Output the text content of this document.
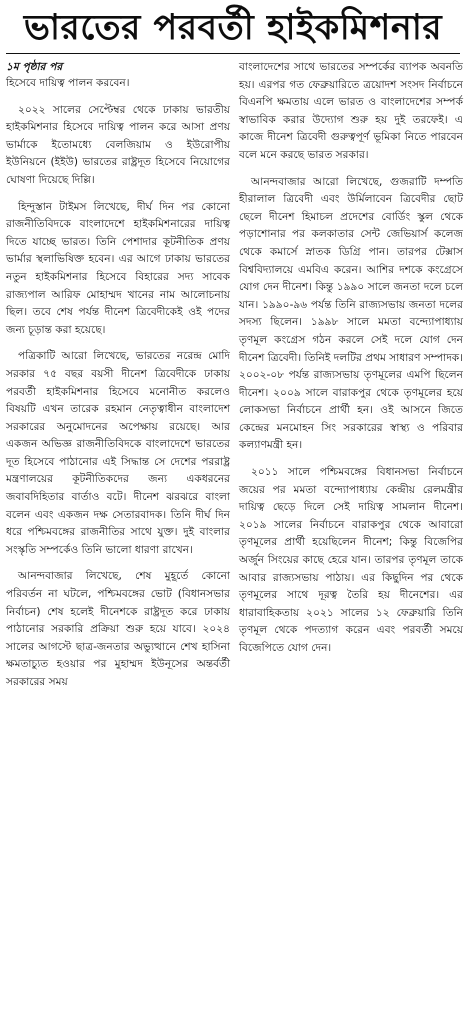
ভারতের পরবর্তী হাইকমিশনার
১ম পৃষ্ঠার পর

হিসেবে দায়িত্ব পালন করবেন।

২০২২ সালের সেপ্টেম্বর থেকে ঢাকায় ভারতীয় হাইকমিশনার হিসেবে দায়িত্ব পালন করে আসা প্রণয় ভার্মাকে ইতোমধ্যে বেলজিয়াম ও ইউরোপীয় ইউনিয়নে (ইইউ) ভারতের রাষ্ট্রদূত হিসেবে নিয়োগের ঘোষণা দিয়েছে দিল্লি।

হিন্দুস্তান টাইমস লিখেছে, দীর্ঘ দিন পর কোনো রাজনীতিবিদকে বাংলাদেশে হাইকমিশনারের দায়িত্ব দিতে যাচ্ছে ভারত। তিনি পেশাদার কূটনীতিক প্রণয় ভার্মার স্থলাভিষিক্ত হবেন। এর আগে ঢাকায় ভারতের নতুন হাইকমিশনার হিসেবে বিহারের সদ্য সাবেক রাজ্যপাল আরিফ মোহাম্মদ খানের নাম আলোচনায় ছিল। তবে শেষ পর্যন্ত দীনেশ ত্রিবেদীকেই ওই পদের জন্য চূড়ান্ত করা হয়েছে।

পত্রিকাটি আরো লিখেছে, ভারতের নরেন্দ্র মোদি সরকার ৭৫ বছর বয়সী দীনেশ ত্রিবেদীকে ঢাকায় পরবর্তী হাইকমিশনার হিসেবে মনোনীত করলেও বিষয়টি এখন তারেক রহমান নেতৃত্বাধীন বাংলাদেশ সরকারের অনুমোদনের অপেক্ষায় রয়েছে। আর একজন অভিজ্ঞ রাজনীতিবিদকে বাংলাদেশে ভারতের দূত হিসেবে পাঠানোর এই সিদ্ধান্ত সে দেশের পররাষ্ট্র মন্ত্রণালয়ের কূটনীতিকদের জন্য একধরনের জবাবদিহিতার বার্তাও বটে। দীনেশ ঝরঝরে বাংলা বলেন এবং একজন দক্ষ সেতারবাদক। তিনি দীর্ঘ দিন ধরে পশ্চিমবঙ্গের রাজনীতির সাথে যুক্ত। দুই বাংলার সংস্কৃতি সম্পর্কেও তিনি ভালো ধারণা রাখেন।

আনন্দবাজার লিখেছে, শেষ মুহূর্তে কোনো পরিবর্তন না ঘটলে, পশ্চিমবঙ্গের ভোট (বিধানসভার নির্বাচন) শেষ হলেই দীনেশকে রাষ্ট্রদূত করে ঢাকায় পাঠানোর সরকারি প্রক্রিয়া শুরু হয়ে যাবে। ২০২৪ সালের আগস্টে ছাত্র-জনতার অভ্যুত্থানে শেখ হাসিনা ক্ষমতাচ্যুত হওয়ার পর মুহাম্মদ ইউনূসের অন্তর্বর্তী সরকারের সময়

বাংলাদেশের সাথে ভারতের সম্পর্কের ব্যাপক অবনতি হয়। এরপর গত ফেব্রুয়ারিতে ত্রয়োদশ সংসদ নির্বাচনে বিএনপি ক্ষমতায় এলে ভারত ও বাংলাদেশের সম্পর্ক স্বাভাবিক করার উদ্যোগ শুরু হয় দুই তরফেই। এ কাজে দীনেশ ত্রিবেদী গুরুত্বপূর্ণ ভূমিকা নিতে পারবেন বলে মনে করছে ভারত সরকার।

আনন্দবাজার আরো লিখেছে, গুজরাটি দম্পতি হীরালাল ত্রিবেদী এবং উর্মিলাবেন ত্রিবেদীর ছোট ছেলে দীনেশ হিমাচল প্রদেশের বোর্ডিং স্কুল থেকে পড়াশোনার পর কলকাতার সেন্ট জেভিয়ার্স কলেজ থেকে কমার্সে স্নাতক ডিগ্রি পান। তারপর টেক্সাস বিশ্ববিদ্যালয়ে এমবিএ করেন। আশির দশকে কংগ্রেসে যোগ দেন দীনেশ। কিন্তু ১৯৯০ সালে জনতা দলে চলে যান। ১৯৯০-৯৬ পর্যন্ত তিনি রাজ্যসভায় জনতা দলের সদস্য ছিলেন। ১৯৯৮ সালে মমতা বন্দ্যোপাধ্যায় তৃণমূল কংগ্রেস গঠন করলে সেই দলে যোগ দেন দীনেশ ত্রিবেদী। তিনিই দলটির প্রথম সাধারণ সম্পাদক। ২০০২-০৮ পর্যন্ত রাজ্যসভায় তৃণমূলের এমপি ছিলেন দীনেশ। ২০০৯ সালে বারাকপুর থেকে তৃণমূলের হয়ে লোকসভা নির্বাচনে প্রার্থী হন। ওই আসনে জিতে কেন্দ্রের মনমোহন সিং সরকারের স্বাস্থ্য ও পরিবার কল্যাণমন্ত্রী হন।

২০১১ সালে পশ্চিমবঙ্গের বিধানসভা নির্বাচনে জয়ের পর মমতা বন্দ্যোপাধ্যায় কেন্দ্রীয় রেলমন্ত্রীর দায়িত্ব ছেড়ে দিলে সেই দায়িত্ব সামলান দীনেশ। ২০১৯ সালের নির্বাচনে বারাকপুর থেকে আবারো তৃণমূলের প্রার্থী হয়েছিলেন দীনেশ; কিন্তু বিজেপির অর্জুন সিংয়ের কাছে হেরে যান। তারপর তৃণমূল তাকে আবার রাজ্যসভায় পাঠায়। এর কিছুদিন পর থেকে তৃণমূলের সাথে দূরত্ব তৈরি হয় দীনেশের। এর ধারাবাহিকতায় ২০২১ সালের ১২ ফেব্রুয়ারি তিনি তৃণমূল থেকে পদত্যাগ করেন এবং পরবর্তী সময়ে বিজেপিতে যোগ দেন।
